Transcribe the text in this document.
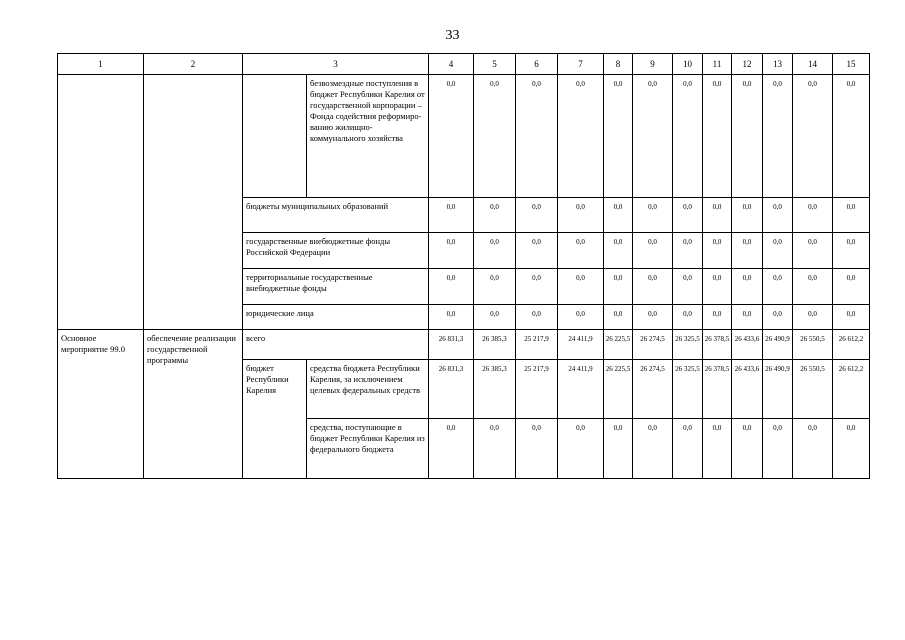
33
1	2	3		4	5	6	7	8	9	10	11	12	13	14	15
			безвозмездные поступления в бюджет Республики Карелия от государственной корпорации – Фонда содействия реформиро-ванию жилищно-коммунального хозяйства	0,0	0,0	0,0	0,0	0,0	0,0	0,0	0,0	0,0	0,0	0,0	0,0
		бюджеты муниципальных образований		0,0	0,0	0,0	0,0	0,0	0,0	0,0	0,0	0,0	0,0	0,0	0,0
		государственные внебюджетные фонды Российской Федерации		0,0	0,0	0,0	0,0	0,0	0,0	0,0	0,0	0,0	0,0	0,0	0,0
		территориальные государственные внебюджетные фонды		0,0	0,0	0,0	0,0	0,0	0,0	0,0	0,0	0,0	0,0	0,0	0,0
		юридические лица		0,0	0,0	0,0	0,0	0,0	0,0	0,0	0,0	0,0	0,0	0,0	0,0
Основное мероприятие 99.0	обеспечение реализации государственной программы	всего		26 831,3	26 385,3	25 217,9	24 411,9	26 225,5	26 274,5	26 325,5	26 378,5	26 433,6	26 490,9	26 550,5	26 612,2
		бюджет Республики Карелия	средства бюджета Республики Карелия, за исключением целевых федеральных средств	26 831,3	26 385,3	25 217,9	24 411,9	26 225,5	26 274,5	26 325,5	26 378,5	26 433,6	26 490,9	26 550,5	26 612,2
			средства, поступающие в бюджет Республики Карелия из федерального бюджета	0,0	0,0	0,0	0,0	0,0	0,0	0,0	0,0	0,0	0,0	0,0	0,0
